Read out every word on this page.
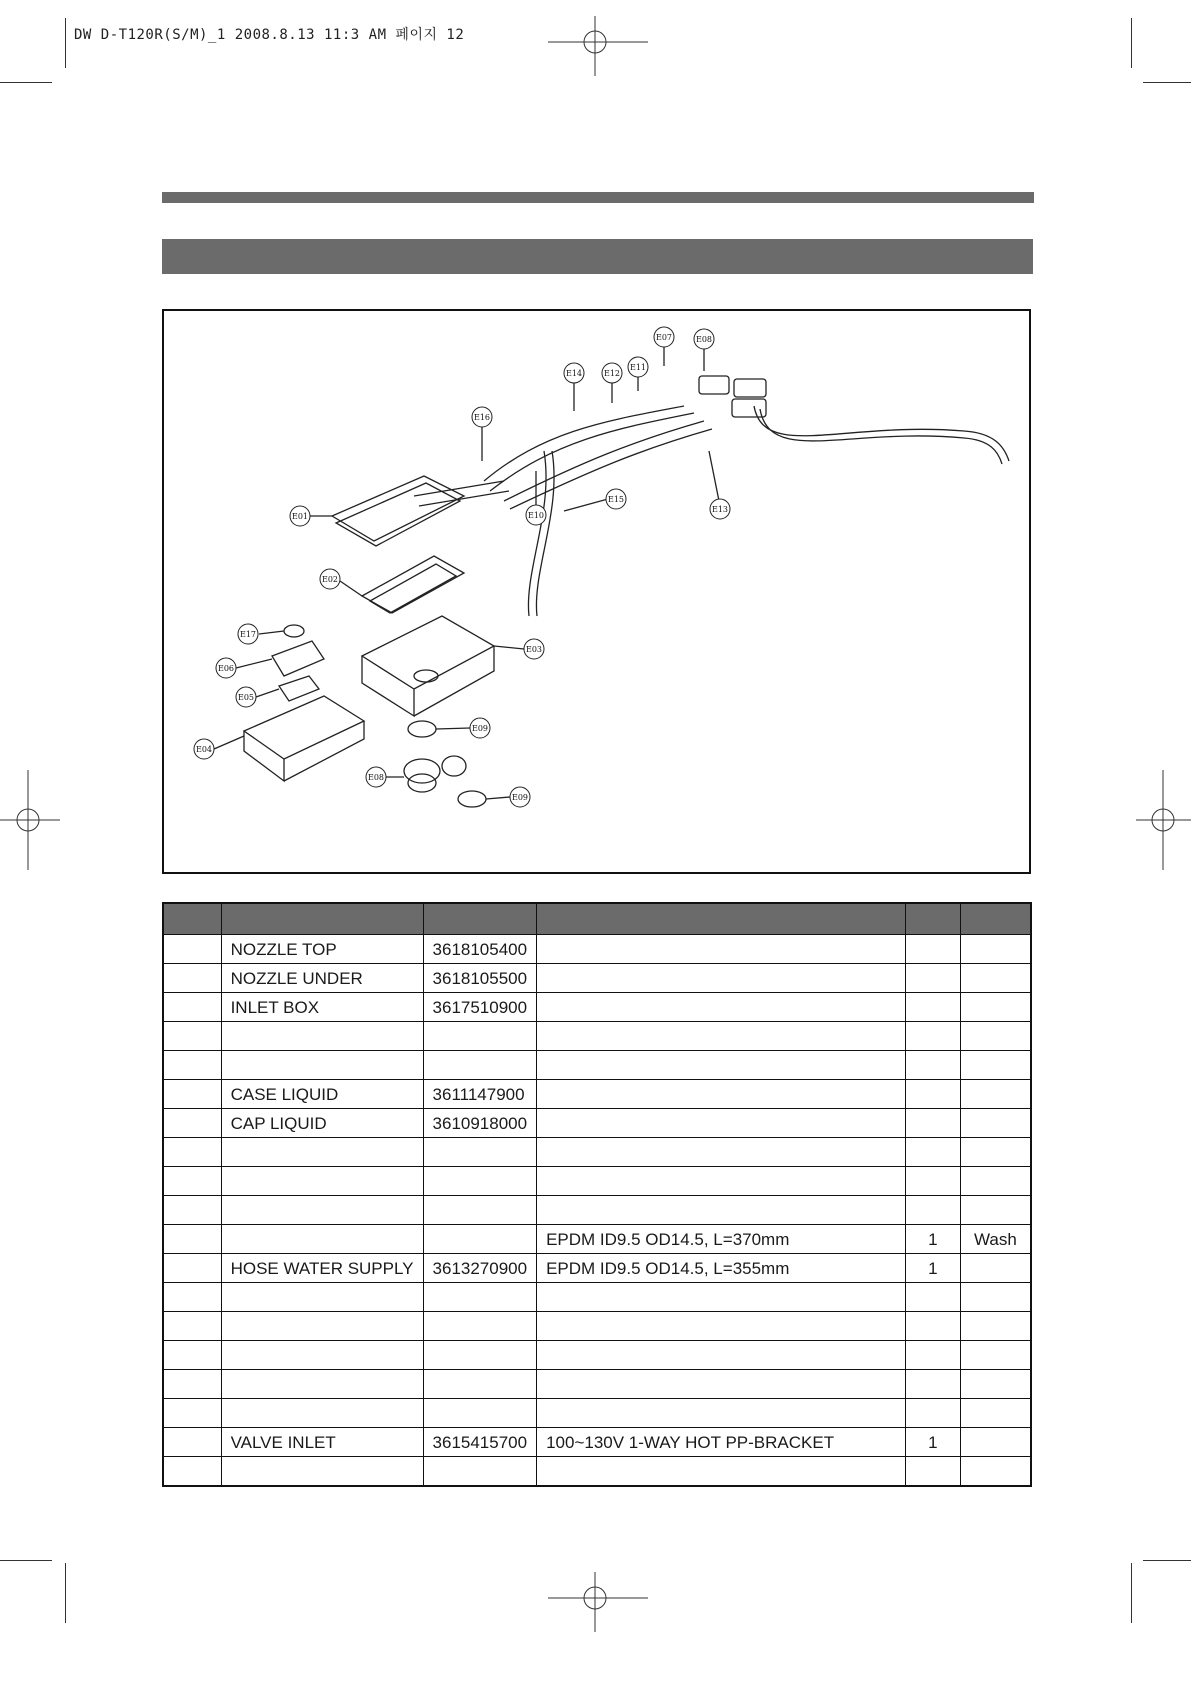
DW D-T120R(S/M)_1 2008.8.13 11:3 AM 페이지 12
E07	E08
E14	E12
E11
E16
E10
E15
E13
E01
E02
E17
E03
E06
E05
E04
E09
E08
E09

	NOZZLE TOP	3618105400			
	NOZZLE UNDER	3618105500			
	INLET BOX	3617510900			

	CASE LIQUID	3611147900			
	CAP LIQUID	3610918000			

			EPDM ID9.5 OD14.5, L=370mm	1	Wash
	HOSE WATER SUPPLY	3613270900	EPDM ID9.5 OD14.5, L=355mm	1	

	VALVE INLET	3615415700	100~130V 1-WAY HOT PP-BRACKET	1	
